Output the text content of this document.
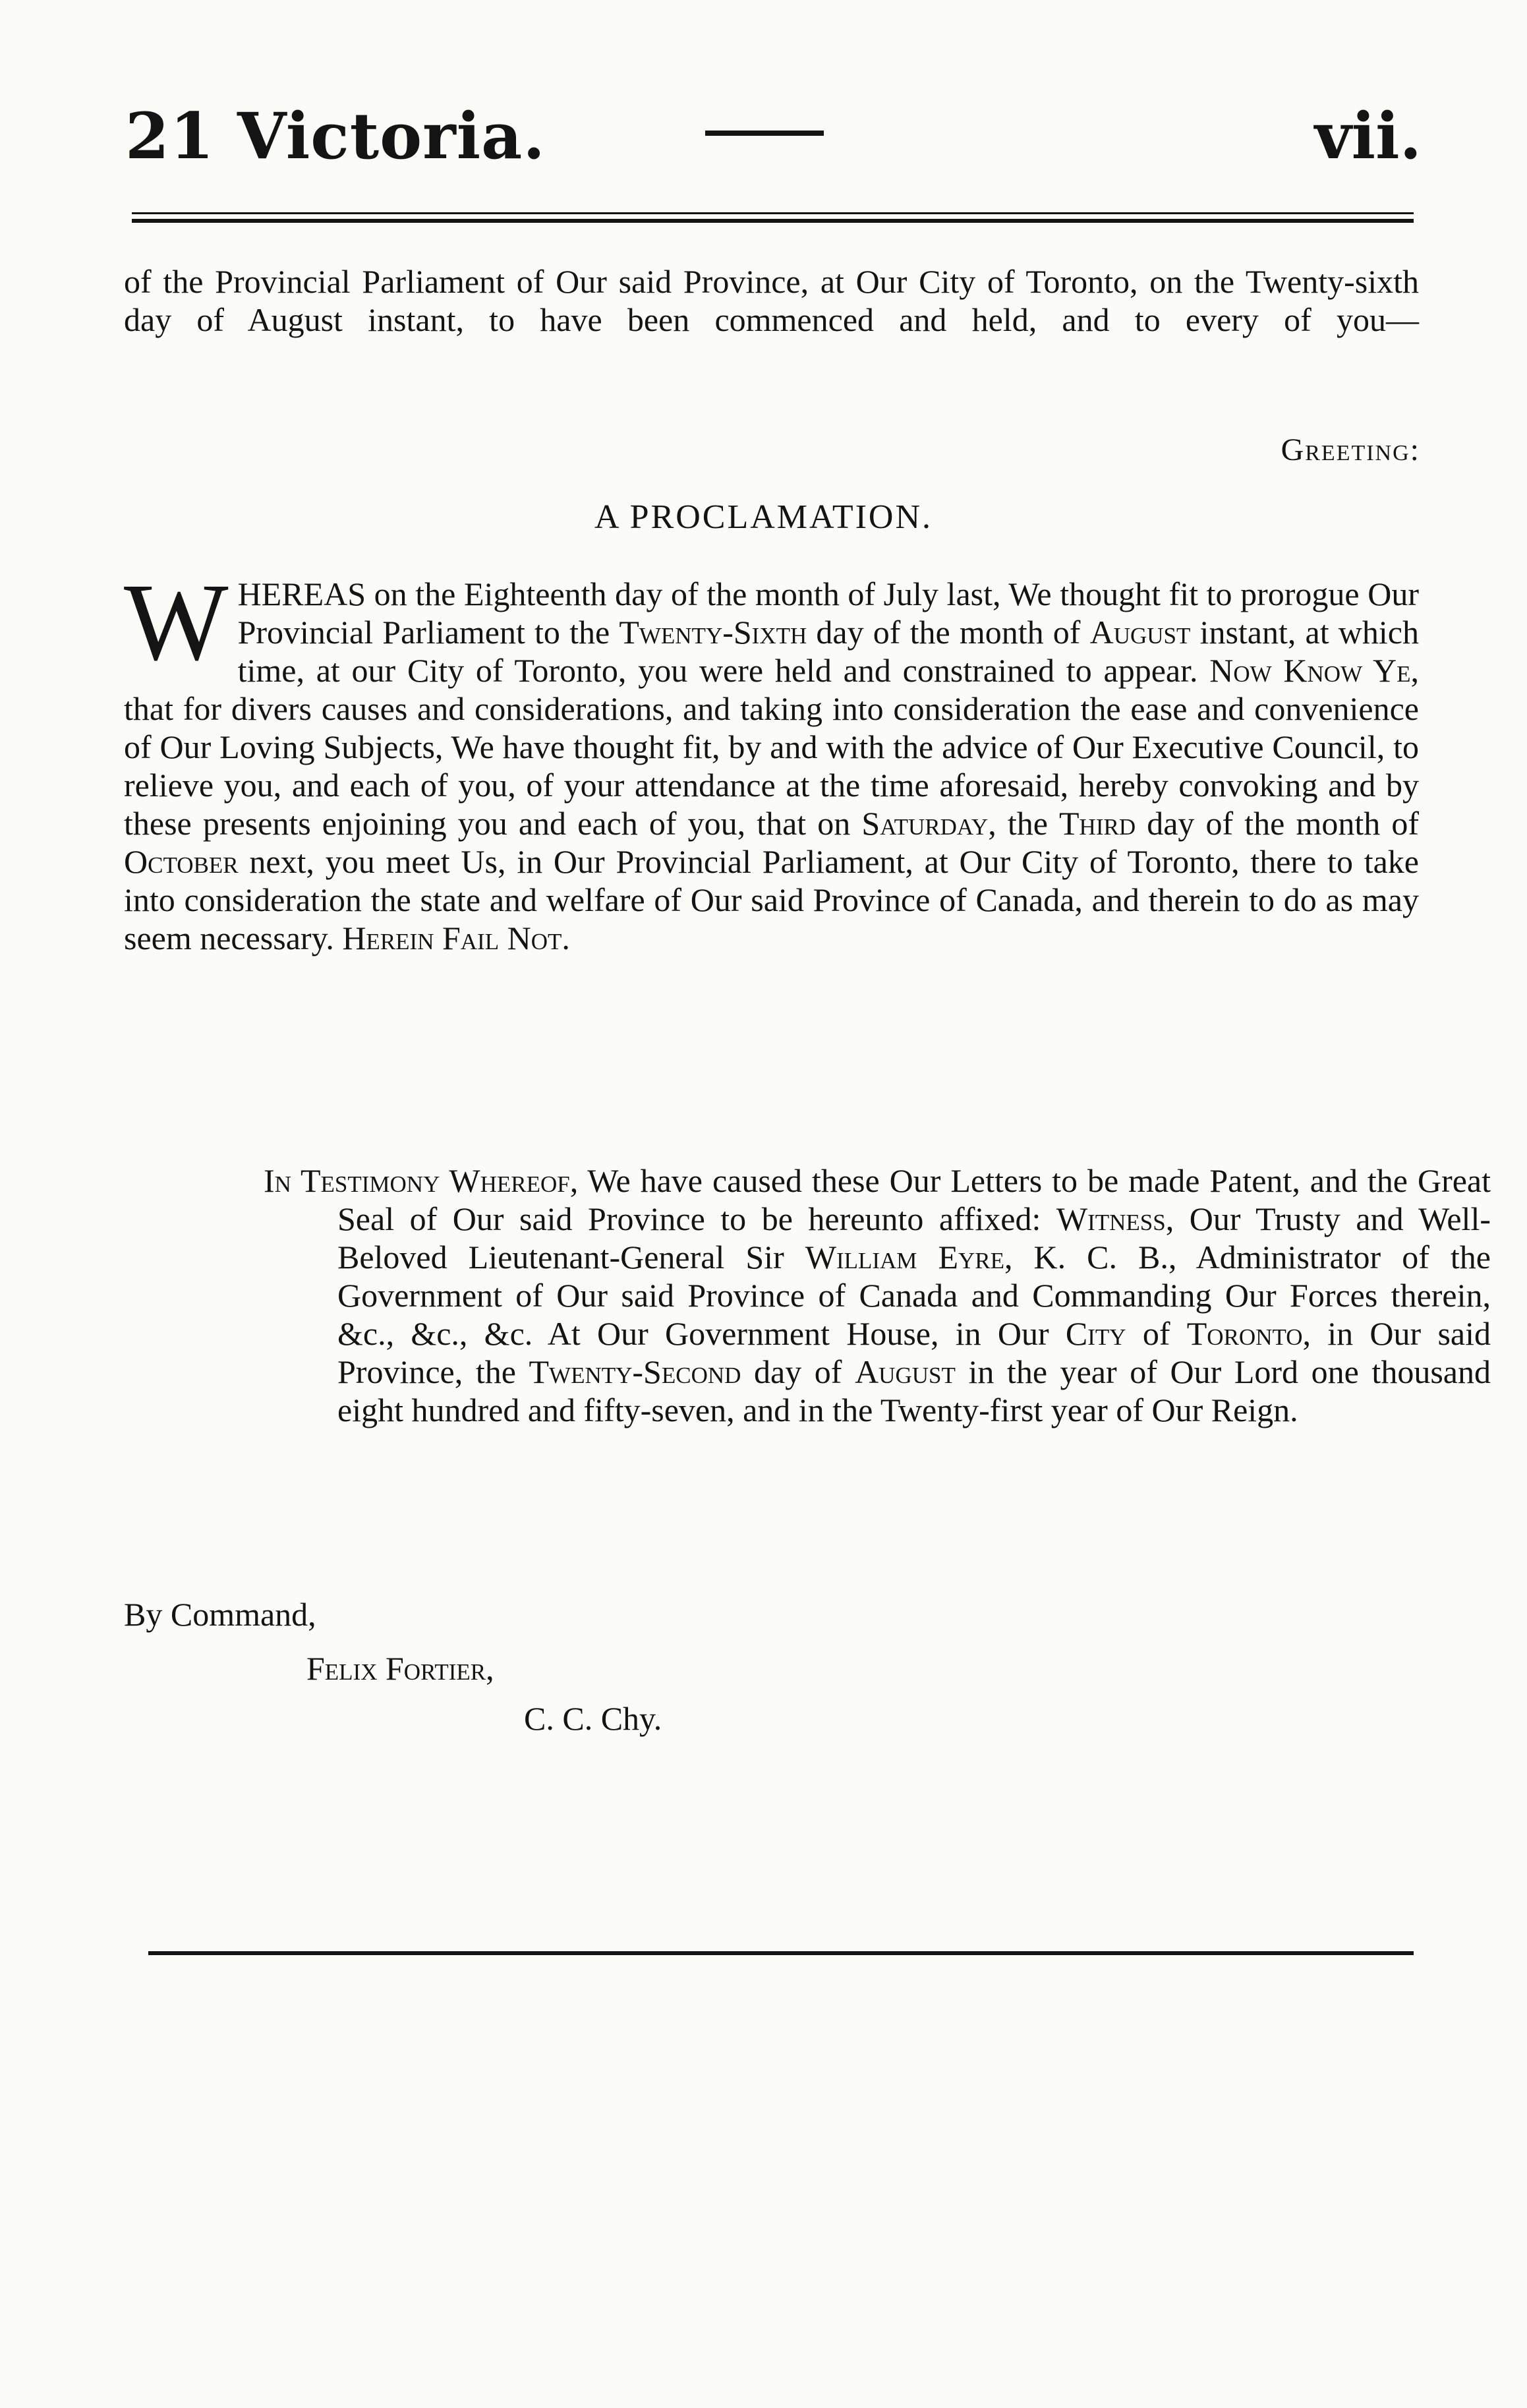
21 Victoria.	vii.

of the Provincial Parliament of Our said Province, at Our City of Toronto, on the Twenty-sixth day of August instant, to have been commenced and held, and to every of you—

Greeting:
A PROCLAMATION.

WHEREAS on the Eighteenth day of the month of July last, We thought fit to prorogue Our Provincial Parliament to the Twenty-Sixth day of the month of August instant, at which time, at our City of Toronto, you were held and constrained to appear. Now Know Ye, that for divers causes and considerations, and taking into consideration the ease and convenience of Our Loving Subjects, We have thought fit, by and with the advice of Our Executive Council, to relieve you, and each of you, of your attendance at the time aforesaid, hereby convoking and by these presents enjoining you and each of you, that on Saturday, the Third day of the month of October next, you meet Us, in Our Provincial Parliament, at Our City of Toronto, there to take into consideration the state and welfare of Our said Province of Canada, and therein to do as may seem necessary. Herein Fail Not.

In Testimony Whereof, We have caused these Our Letters to be made Patent, and the Great Seal of Our said Province to be hereunto affixed: Witness, Our Trusty and Well-Beloved Lieutenant-General Sir William Eyre, K. C. B., Administrator of the Government of Our said Province of Canada and Commanding Our Forces therein, &c., &c., &c. At Our Government House, in Our City of Toronto, in Our said Province, the Twenty-Second day of August in the year of Our Lord one thousand eight hundred and fifty-seven, and in the Twenty-first year of Our Reign.

By Command,
Felix Fortier,
C. C. Chy.
